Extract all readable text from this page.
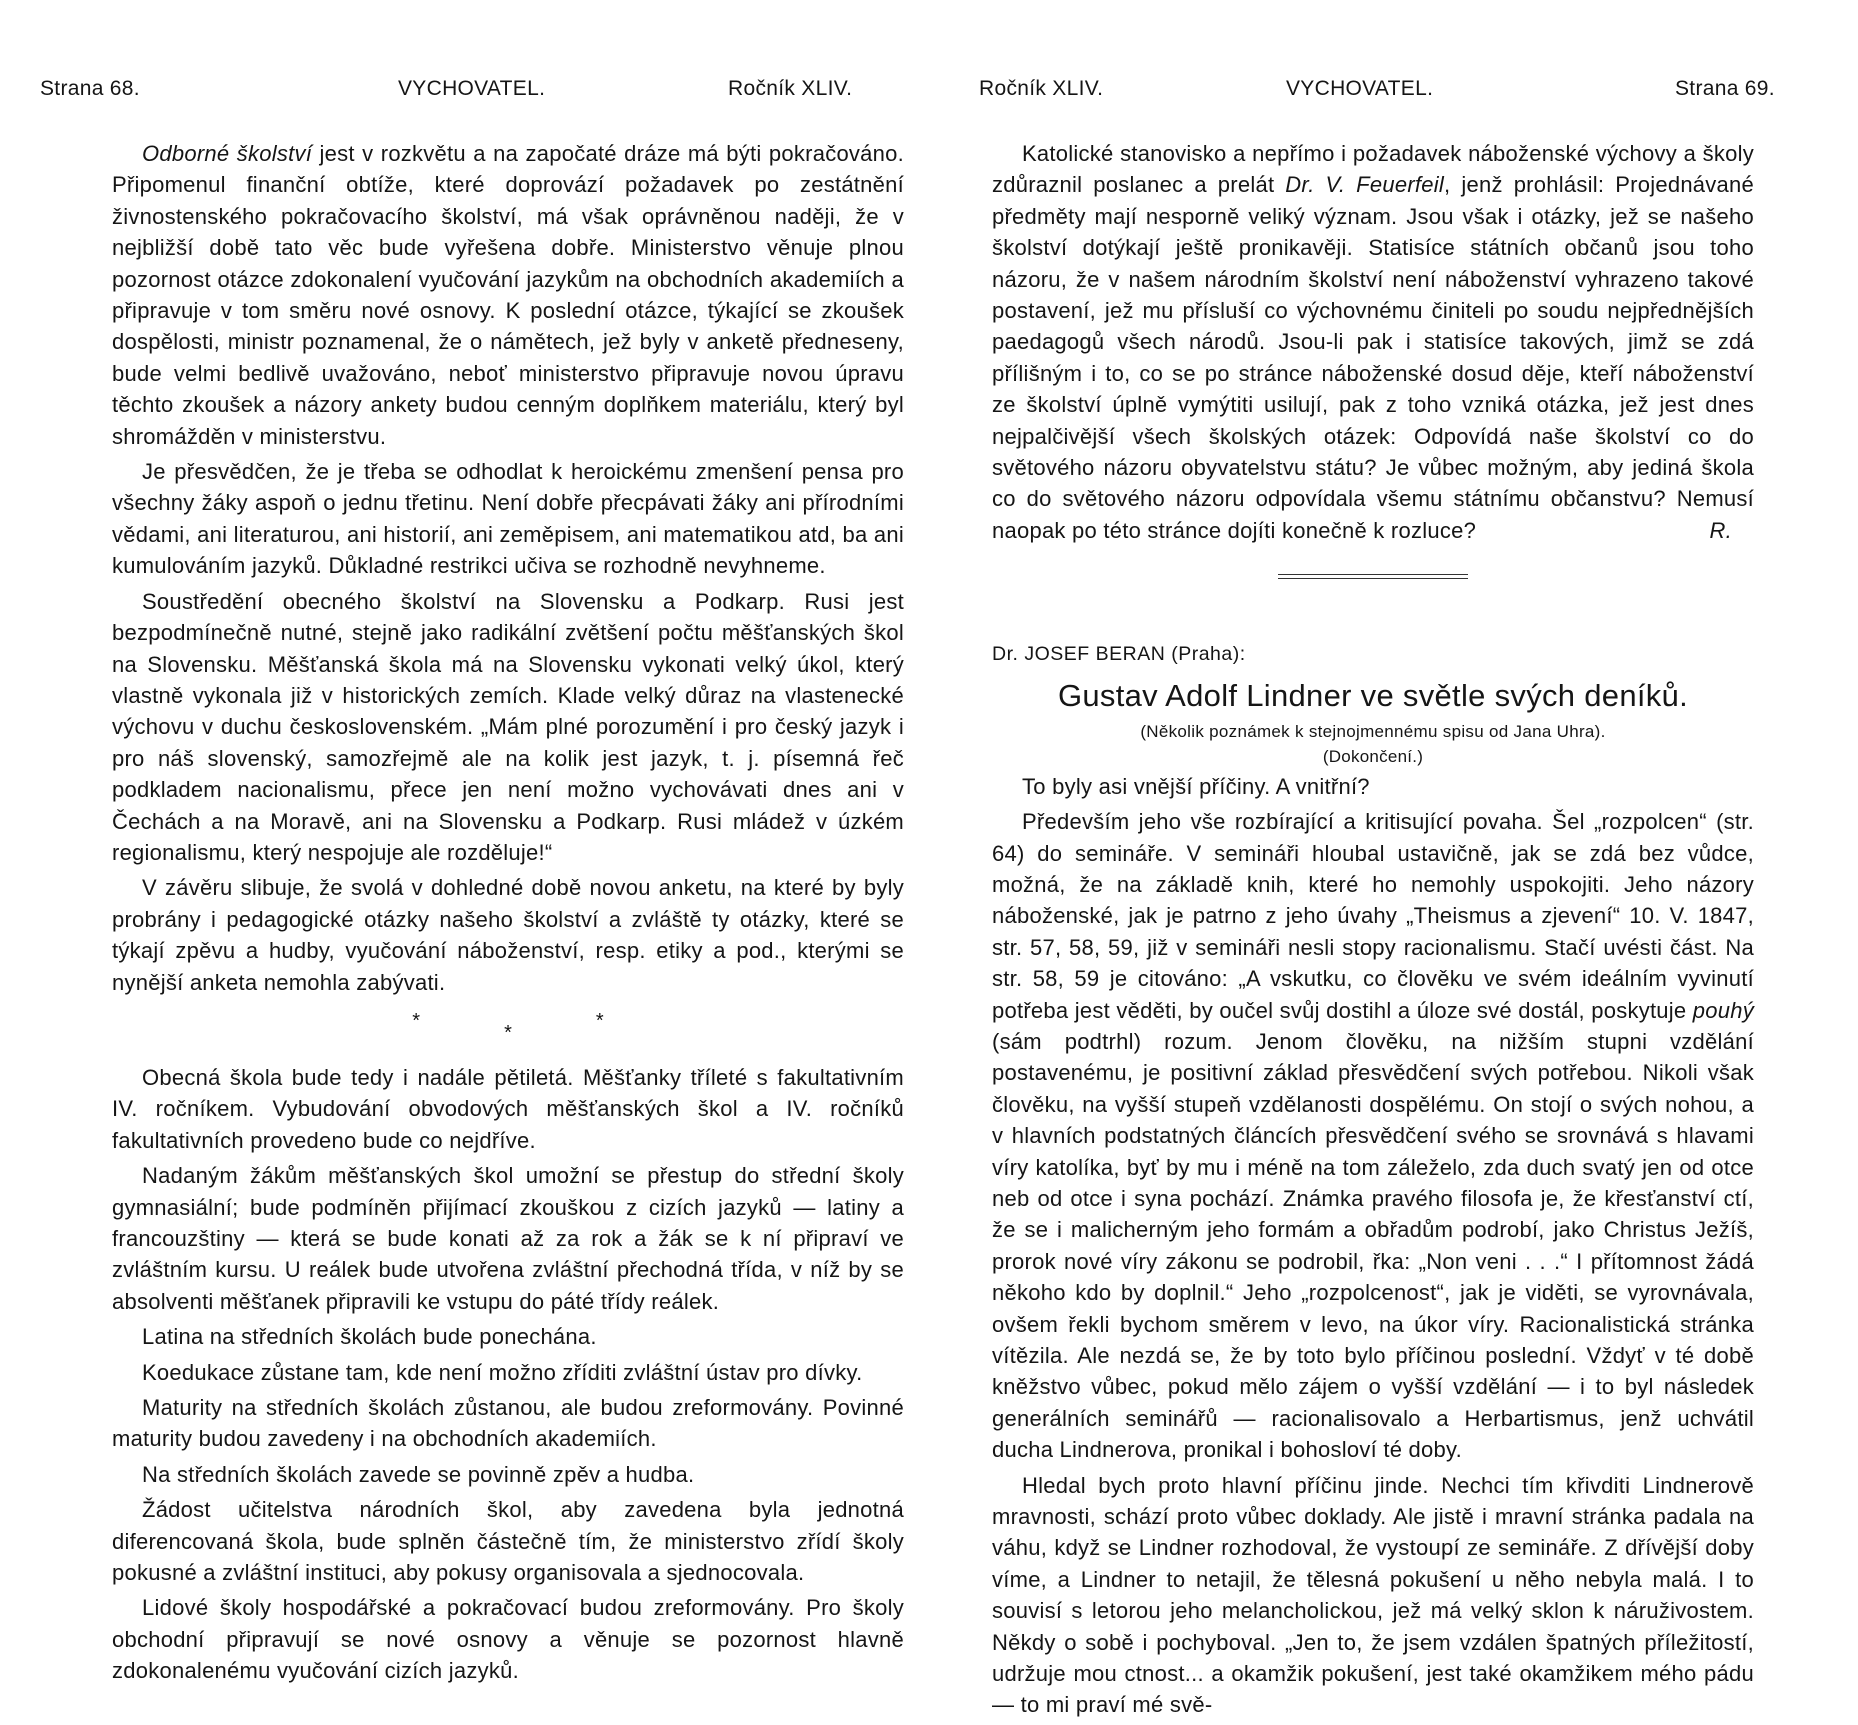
Strana 68.	VYCHOVATEL.	Ročník XLIV.

Odborné školství jest v rozkvětu a na započaté dráze má býti pokračováno. Připomenul finanční obtíže, které doprovází požadavek po zestátnění živnostenského pokračovacího školství, má však oprávněnou naději, že v nejbližší době tato věc bude vyřešena dobře. Ministerstvo věnuje plnou pozornost otázce zdokonalení vyučování jazykům na obchodních akademiích a připravuje v tom směru nové osnovy. K poslední otázce, týkající se zkoušek dospělosti, ministr poznamenal, že o námětech, jež byly v anketě předneseny, bude velmi bedlivě uvažováno, neboť ministerstvo připravuje novou úpravu těchto zkoušek a názory ankety budou cenným doplňkem materiálu, který byl shromážděn v ministerstvu.

Je přesvědčen, že je třeba se odhodlat k heroickému zmenšení pensa pro všechny žáky aspoň o jednu třetinu. Není dobře přecpávati žáky ani přírodními vědami, ani literaturou, ani historií, ani zeměpisem, ani matematikou atd, ba ani kumulováním jazyků. Důkladné restrikci učiva se rozhodně nevyhneme.

Soustředění obecného školství na Slovensku a Podkarp. Rusi jest bezpodmínečně nutné, stejně jako radikální zvětšení počtu měšťanských škol na Slovensku. Měšťanská škola má na Slovensku vykonati velký úkol, který vlastně vykonala již v historických zemích. Klade velký důraz na vlastenecké výchovu v duchu československém. „Mám plné porozumění i pro český jazyk i pro náš slovenský, samozřejmě ale na kolik jest jazyk, t. j. písemná řeč podkladem nacionalismu, přece jen není možno vychovávati dnes ani v Čechách a na Moravě, ani na Slovensku a Podkarp. Rusi mládež v úzkém regionalismu, který nespojuje ale rozděluje!“

V závěru slibuje, že svolá v dohledné době novou anketu, na které by byly probrány i pedagogické otázky našeho školství a zvláště ty otázky, které se týkají zpěvu a hudby, vyučování náboženství, resp. etiky a pod., kterými se nynější anketa nemohla zabývati.

***

Obecná škola bude tedy i nadále pětiletá. Měšťanky tříleté s fakultativním IV. ročníkem. Vybudování obvodových měšťanských škol a IV. ročníků fakultativních provedeno bude co nejdříve.

Nadaným žákům měšťanských škol umožní se přestup do střední školy gymnasiální; bude podmíněn přijímací zkouškou z cizích jazyků — latiny a francouzštiny — která se bude konati až za rok a žák se k ní připraví ve zvláštním kursu. U reálek bude utvořena zvláštní přechodná třída, v níž by se absolventi měšťanek připravili ke vstupu do páté třídy reálek.

Latina na středních školách bude ponechána.

Koedukace zůstane tam, kde není možno zříditi zvláštní ústav pro dívky.

Maturity na středních školách zůstanou, ale budou zreformovány. Povinné maturity budou zavedeny i na obchodních akademiích.

Na středních školách zavede se povinně zpěv a hudba.

Žádost učitelstva národních škol, aby zavedena byla jednotná diferencovaná škola, bude splněn částečně tím, že ministerstvo zřídí školy pokusné a zvláštní instituci, aby pokusy organisovala a sjednocovala.

Lidové školy hospodářské a pokračovací budou zreformovány. Pro školy obchodní připravují se nové osnovy a věnuje se pozornost hlavně zdokonalenému vyučování cizích jazyků.

Ročník XLIV.	VYCHOVATEL.	Strana 69.

Katolické stanovisko a nepřímo i požadavek náboženské výchovy a školy zdůraznil poslanec a prelát Dr. V. Feuerfeil, jenž prohlásil: Projednávané předměty mají nesporně veliký význam. Jsou však i otázky, jež se našeho školství dotýkají ještě pronikavěji. Statisíce státních občanů jsou toho názoru, že v našem národním školství není náboženství vyhrazeno takové postavení, jež mu přísluší co výchovnému činiteli po soudu nejpřednějších paedagogů všech národů. Jsou-li pak i statisíce takových, jimž se zdá přílišným i to, co se po stránce náboženské dosud děje, kteří náboženství ze školství úplně vymýtiti usilují, pak z toho vzniká otázka, jež jest dnes nejpalčivější všech školských otázek: Odpovídá naše školství co do světového názoru obyvatelstvu státu? Je vůbec možným, aby jediná škola co do světového názoru odpovídala všemu státnímu občanstvu? Nemusí naopak po této stránce dojíti konečně k rozluce?	R.

Dr. JOSEF BERAN (Praha):

Gustav Adolf Lindner ve světle svých deníků.

(Několik poznámek k stejnojmennému spisu od Jana Uhra).

(Dokončení.)

To byly asi vnější příčiny. A vnitřní?

Především jeho vše rozbírající a kritisující povaha. Šel „rozpolcen“ (str. 64) do semináře. V semináři hloubal ustavičně, jak se zdá bez vůdce, možná, že na základě knih, které ho nemohly uspokojiti. Jeho názory náboženské, jak je patrno z jeho úvahy „Theismus a zjevení“ 10. V. 1847, str. 57, 58, 59, již v semináři nesli stopy racionalismu. Stačí uvésti část. Na str. 58, 59 je citováno: „A vskutku, co člověku ve svém ideálním vyvinutí potřeba jest věděti, by oučel svůj dostihl a úloze své dostál, poskytuje pouhý (sám podtrhl) rozum. Jenom člověku, na nižším stupni vzdělání postavenému, je positivní základ přesvědčení svých potřebou. Nikoli však člověku, na vyšší stupeň vzdělanosti dospělému. On stojí o svých nohou, a v hlavních podstatných článcích přesvědčení svého se srovnává s hlavami víry katolíka, byť by mu i méně na tom záleželo, zda duch svatý jen od otce neb od otce i syna pochází. Známka pravého filosofa je, že křesťanství ctí, že se i malicherným jeho formám a obřadům podrobí, jako Christus Ježíš, prorok nové víry zákonu se podrobil, řka: „Non veni . . .“ I přítomnost žádá někoho kdo by doplnil.“ Jeho „rozpolcenost“, jak je viděti, se vyrovnávala, ovšem řekli bychom směrem v levo, na úkor víry. Racionalistická stránka vítězila. Ale nezdá se, že by toto bylo příčinou poslední. Vždyť v té době kněžstvo vůbec, pokud mělo zájem o vyšší vzdělání — i to byl následek generálních seminářů — racionalisovalo a Herbartismus, jenž uchvátil ducha Lindnerova, pronikal i bohosloví té doby.

Hledal bych proto hlavní příčinu jinde. Nechci tím křivditi Lindnerově mravnosti, schází proto vůbec doklady. Ale jistě i mravní stránka padala na váhu, když se Lindner rozhodoval, že vystoupí ze semináře. Z dřívější doby víme, a Lindner to netajil, že tělesná pokušení u něho nebyla malá. I to souvisí s letorou jeho melancholickou, jež má velký sklon k náruživostem. Někdy o sobě i pochyboval. „Jen to, že jsem vzdálen špatných příležitostí, udržuje mou ctnost... a okamžik pokušení, jest také okamžikem mého pádu — to mi praví mé svě-
